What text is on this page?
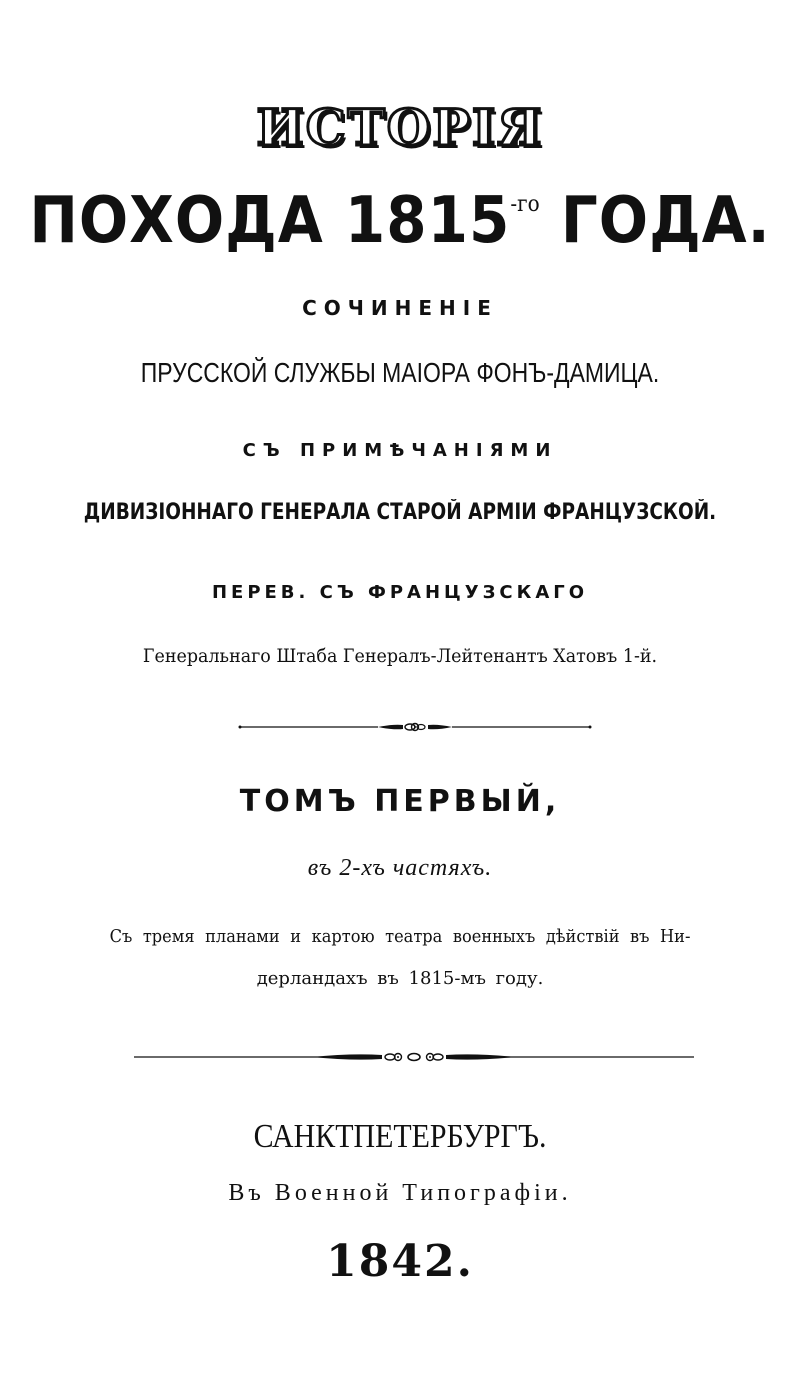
ИСТОРІЯ
ПОХОДА $1815^{-го}$ ГОДА.
СОЧИНЕНІЕ
ПРУССКОЙ СЛУЖБЫ МАІОРА ФОНЪ-ДАМИЦА.
СЪ ПРИМѢЧАНІЯМИ
ДИВИЗІОННАГО ГЕНЕРАЛА СТАРОЙ АРМІИ ФРАНЦУЗСКОЙ.
ПЕРЕВ. СЪ ФРАНЦУЗСКАГО
Генеральнаго Штаба Генералъ-Лейтенантъ Хатовъ 1-й.
ТОМЪ ПЕРВЫЙ,
въ 2-хъ частяхъ.
Съ тремя планами и картою театра военныхъ дѣйствій въ Ни-
дерландахъ въ 1815-мъ году.
САНКТПЕТЕРБУРГЪ.
Въ Военной Типографіи.
1842.
